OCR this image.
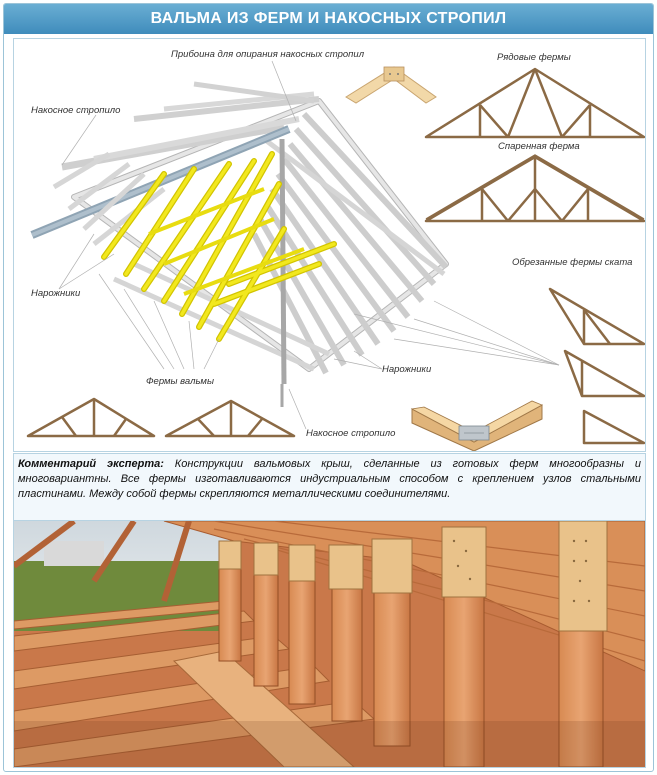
ВАЛЬМА ИЗ ФЕРМ И НАКОСНЫХ СТРОПИЛ
Прибоина для опирания накосных стропил	Рядовые фермы
Накосное стропило
Спаренная ферма
Обрезанные фермы ската
Нарожники
Фермы вальмы
Нарожники
Накосное стропило
Комментарий эксперта: Конструкции вальмовых крыш, сделанные из готовых ферм многообразны и многовариантны. Все фермы изготавливаются индустриальным способом с креплением узлов стальными пластинами. Между собой фермы скрепляются металлическими соединителями.
